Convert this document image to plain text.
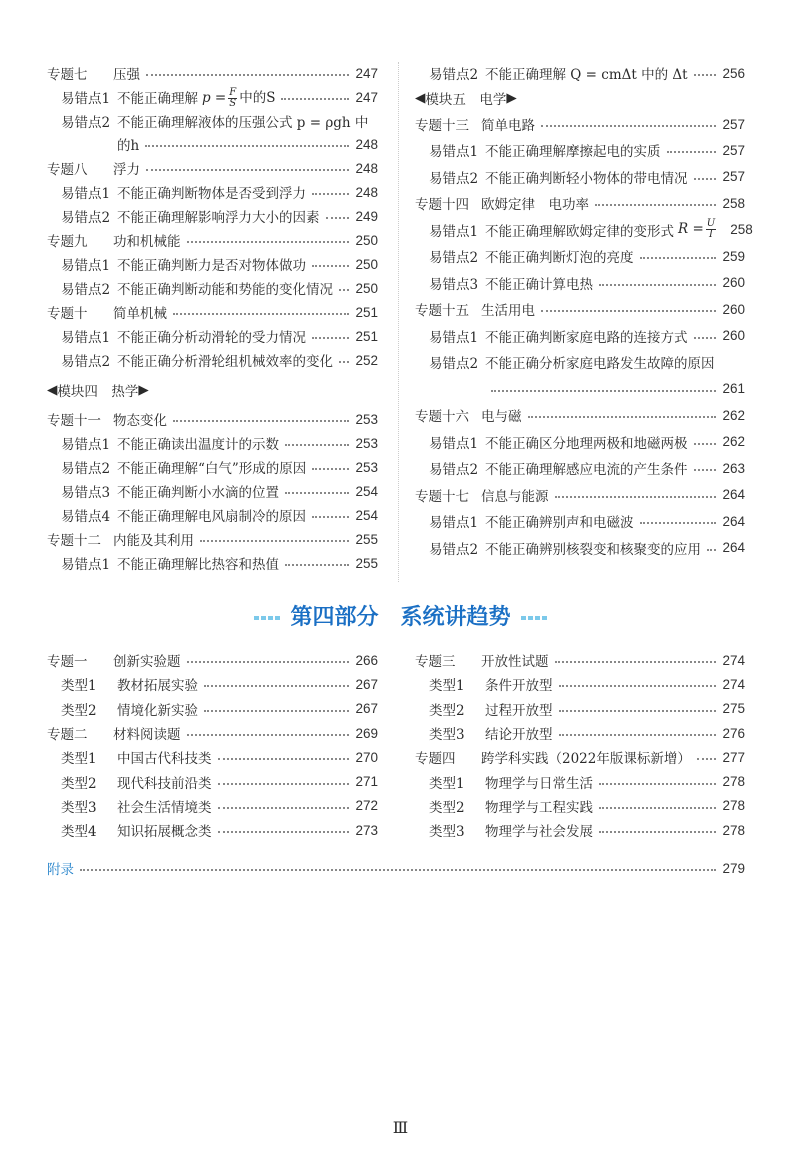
专题七	压强	247
易错点1 不能正确理解 $p = \frac{F}{S}$ 中的S	247
易错点2 不能正确理解液体的压强公式 p = ρgh 中
的h	248
专题八	浮力	248
易错点1 不能正确判断物体是否受到浮力	248
易错点2 不能正确理解影响浮力大小的因素	249
专题九	功和机械能	250
易错点1 不能正确判断力是否对物体做功	250
易错点2 不能正确判断动能和势能的变化情况 250
专题十	简单机械	251
易错点1 不能正确分析动滑轮的受力情况	251
易错点2 不能正确分析滑轮组机械效率的变化 252
◀ 模块四　热学 ▶
专题十一 物态变化	253
易错点1 不能正确读出温度计的示数	253
易错点2 不能正确理解“白气”形成的原因	253
易错点3 不能正确判断小水滴的位置	254
易错点4 不能正确理解电风扇制冷的原因	254
专题十二 内能及其利用	255
易错点1 不能正确理解比热容和热值	255
易错点2 不能正确理解 Q = cmΔt 中的 Δt	256
◀ 模块五　电学 ▶
专题十三 简单电路	257
易错点1 不能正确理解摩擦起电的实质	257
易错点2 不能正确判断轻小物体的带电情况	257
专题十四 欧姆定律　电功率	258
易错点1 不能正确理解欧姆定律的变形式 $R = \frac{U}{I} 258$
易错点2 不能正确判断灯泡的亮度	259
易错点3 不能正确计算电热	260
专题十五 生活用电	260
易错点1 不能正确判断家庭电路的连接方式	260
易错点2 不能正确分析家庭电路发生故障的原因
261
专题十六 电与磁	262
易错点1 不能正确区分地理两极和地磁两极	262
易错点2 不能正确理解感应电流的产生条件	263
专题十七 信息与能源	264
易错点1 不能正确辨别声和电磁波	264
易错点2 不能正确辨别核裂变和核聚变的应用 264
第四部分　系统讲趋势
专题一	创新实验题	266
类型1	教材拓展实验	267
类型2	情境化新实验	267
专题二	材料阅读题	269
类型1	中国古代科技类	270
类型2	现代科技前沿类	271
类型3	社会生活情境类	272
类型4	知识拓展概念类	273
专题三	开放性试题	274
类型1	条件开放型	274
类型2	过程开放型	275
类型3	结论开放型	276
专题四	跨学科实践（2022年版课标新增） 277
类型1	物理学与日常生活	278
类型2	物理学与工程实践	278
类型3	物理学与社会发展	278
附录	279
Ⅲ
